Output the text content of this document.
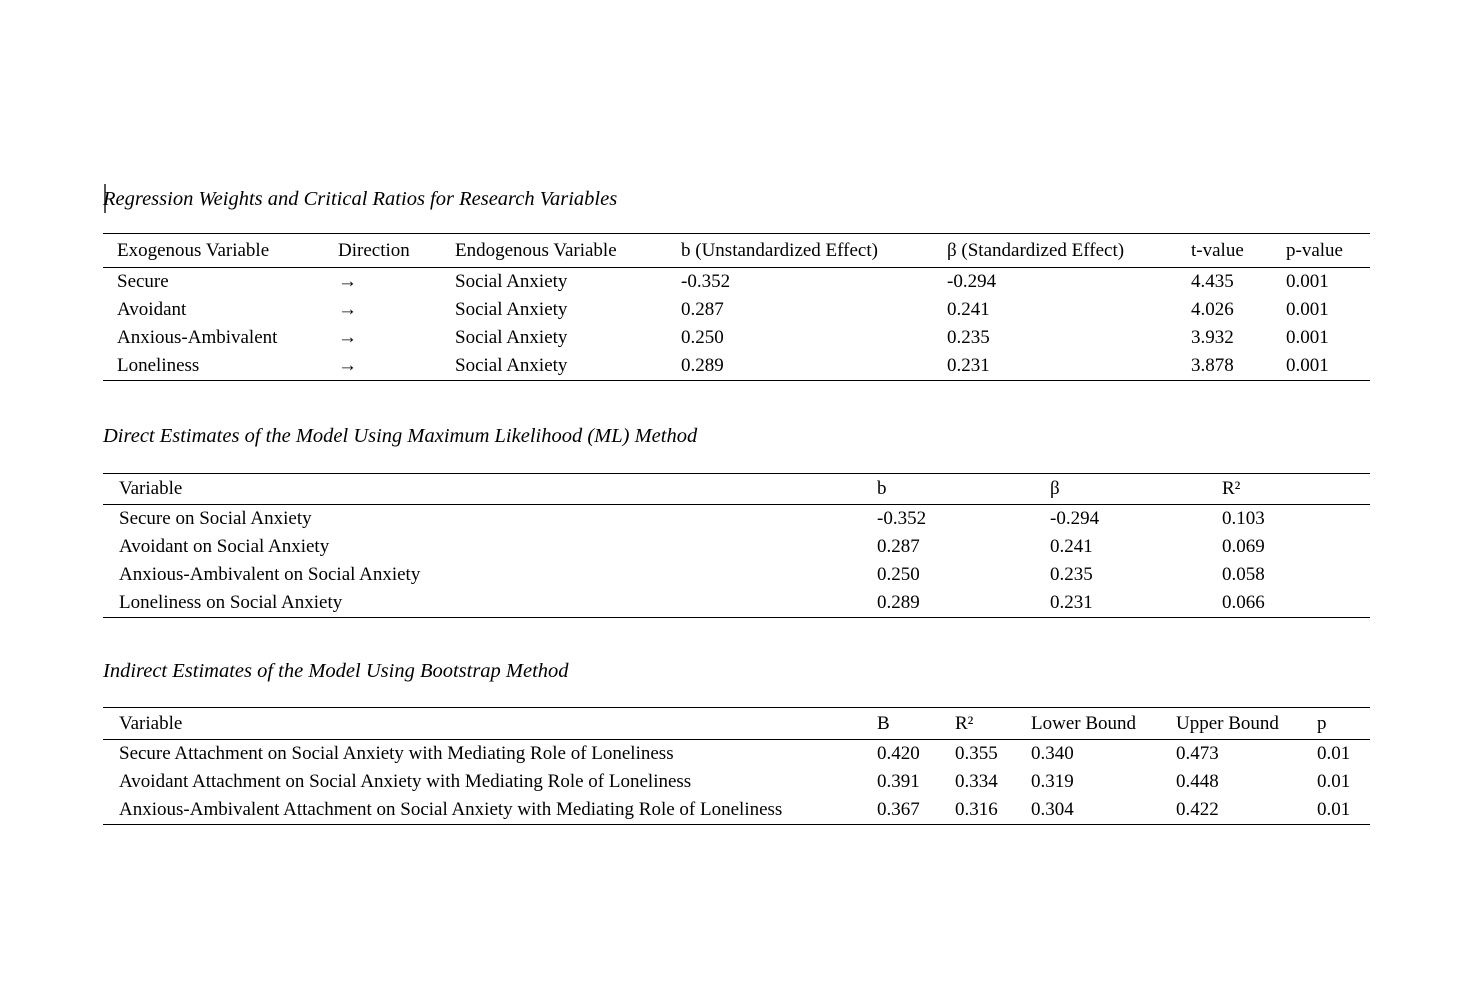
Regression Weights and Critical Ratios for Research Variables
Exogenous Variable	Direction	Endogenous Variable	b (Unstandardized Effect)	β (Standardized Effect)	t-value	p-value
Secure	→	Social Anxiety	-0.352	-0.294	4.435	0.001
Avoidant	→	Social Anxiety	0.287	0.241	4.026	0.001
Anxious-Ambivalent	→	Social Anxiety	0.250	0.235	3.932	0.001
Loneliness	→	Social Anxiety	0.289	0.231	3.878	0.001
Direct Estimates of the Model Using Maximum Likelihood (ML) Method
Variable	b	β	R²
Secure on Social Anxiety	-0.352	-0.294	0.103
Avoidant on Social Anxiety	0.287	0.241	0.069
Anxious-Ambivalent on Social Anxiety	0.250	0.235	0.058
Loneliness on Social Anxiety	0.289	0.231	0.066
Indirect Estimates of the Model Using Bootstrap Method
Variable	B	R²	Lower Bound	Upper Bound	p
Secure Attachment on Social Anxiety with Mediating Role of Loneliness	0.420	0.355	0.340	0.473	0.01
Avoidant Attachment on Social Anxiety with Mediating Role of Loneliness	0.391	0.334	0.319	0.448	0.01
Anxious-Ambivalent Attachment on Social Anxiety with Mediating Role of Loneliness	0.367	0.316	0.304	0.422	0.01
